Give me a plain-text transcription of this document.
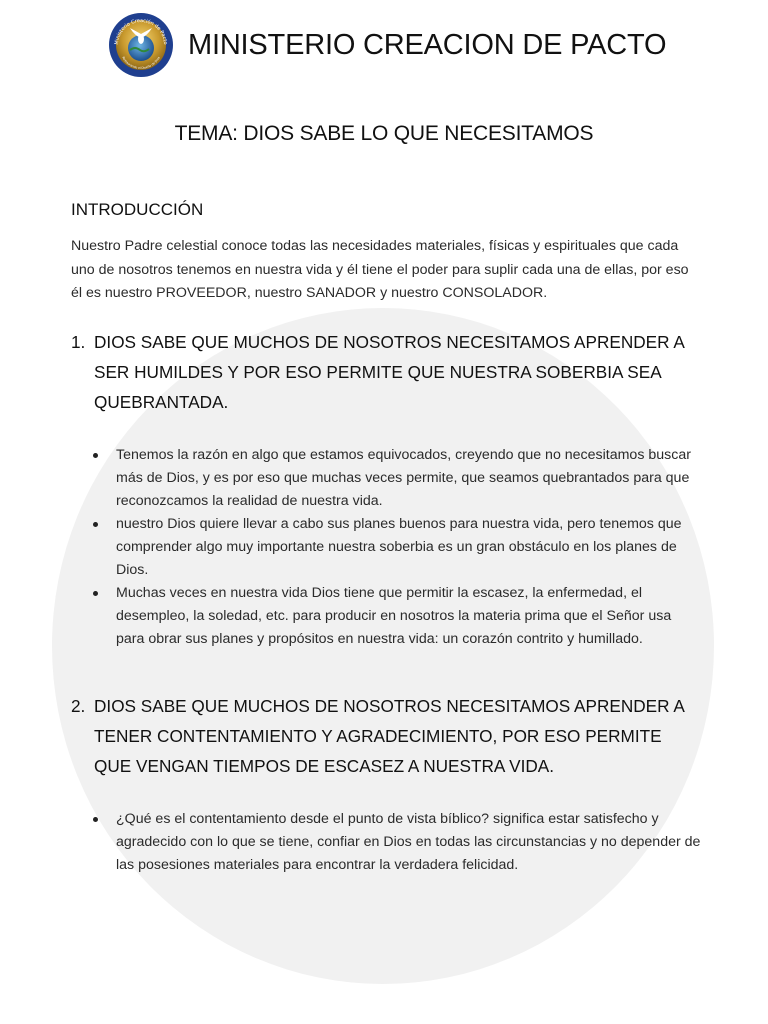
Ministerio Creación de Pacto
Restaurando el Diseño de Dios MINISTERIO CREACION DE PACTO
TEMA: DIOS SABE LO QUE NECESITAMOS
INTRODUCCIÓN
Nuestro Padre celestial conoce todas las necesidades materiales, físicas y espirituales que cada uno de nosotros tenemos en nuestra vida y él tiene el poder para suplir cada una de ellas, por eso él es nuestro PROVEEDOR, nuestro SANADOR y nuestro CONSOLADOR.
1. DIOS SABE QUE MUCHOS DE NOSOTROS NECESITAMOS APRENDER A SER HUMILDES Y POR ESO PERMITE QUE NUESTRA SOBERBIA SEA QUEBRANTADA.
Tenemos la razón en algo que estamos equivocados, creyendo que no necesitamos buscar más de Dios, y es por eso que muchas veces permite, que seamos quebrantados para que reconozcamos la realidad de nuestra vida.
nuestro Dios quiere llevar a cabo sus planes buenos para nuestra vida, pero tenemos que comprender algo muy importante nuestra soberbia es un gran obstáculo en los planes de Dios.
Muchas veces en nuestra vida Dios tiene que permitir la escasez, la enfermedad, el desempleo, la soledad, etc. para producir en nosotros la materia prima que el Señor usa para obrar sus planes y propósitos en nuestra vida: un corazón contrito y humillado.
2. DIOS SABE QUE MUCHOS DE NOSOTROS NECESITAMOS APRENDER A TENER CONTENTAMIENTO Y AGRADECIMIENTO, POR ESO PERMITE QUE VENGAN TIEMPOS DE ESCASEZ A NUESTRA VIDA.
¿Qué es el contentamiento desde el punto de vista bíblico? significa estar satisfecho y agradecido con lo que se tiene, confiar en Dios en todas las circunstancias y no depender de las posesiones materiales para encontrar la verdadera felicidad.
